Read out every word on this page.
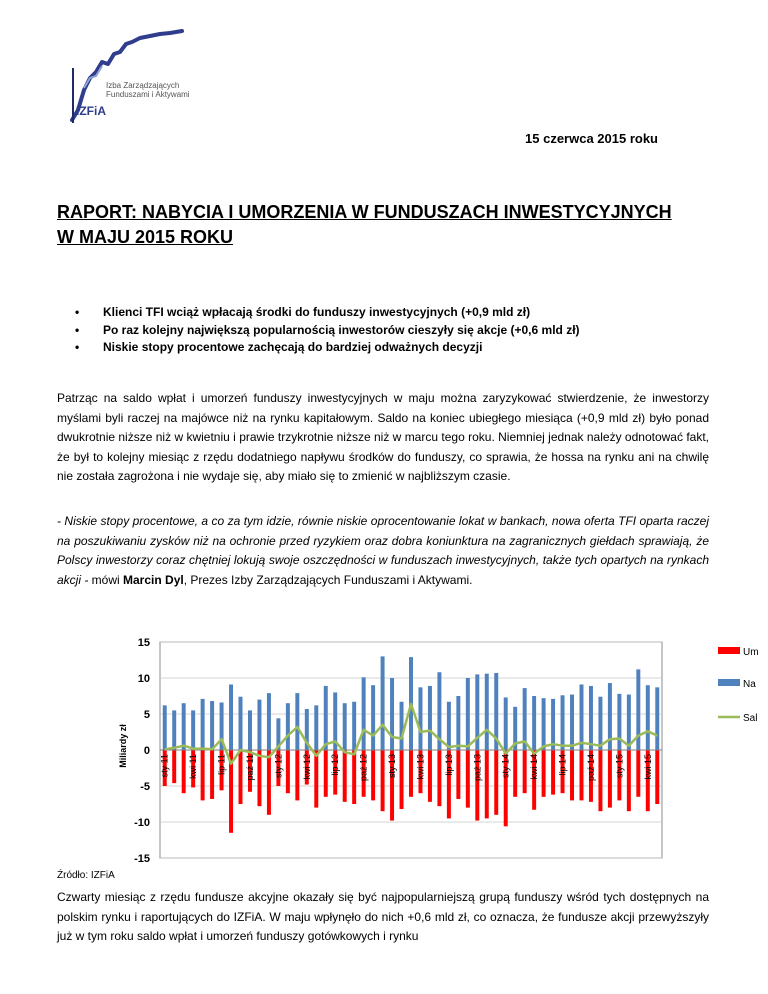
Izba Zarządzających
Funduszami i Aktywami
IZFiA
15 czerwca 2015 roku
RAPORT: NABYCIA I UMORZENIA W FUNDUSZACH INWESTYCYJNYCH
W MAJU 2015 ROKU
• Klienci TFI wciąż wpłacają środki do funduszy inwestycyjnych (+0,9 mld zł)
• Po raz kolejny największą popularnością inwestorów cieszyły się akcje (+0,6 mld zł)
• Niskie stopy procentowe zachęcają do bardziej odważnych decyzji

Patrząc na saldo wpłat i umorzeń funduszy inwestycyjnych w maju można zaryzykować stwierdzenie, że inwestorzy myślami byli raczej na majówce niż na rynku kapitałowym. Saldo na koniec ubiegłego miesiąca (+0,9 mld zł) było ponad dwukrotnie niższe niż w kwietniu i prawie trzykrotnie niższe niż w marcu tego roku. Niemniej jednak należy odnotować fakt, że był to kolejny miesiąc z rzędu dodatniego napływu środków do funduszy, co sprawia, że hossa na rynku ani na chwilę nie została zagrożona i nie wydaje się, aby miało się to zmienić w najbliższym czasie.

- Niskie stopy procentowe, a co za tym idzie, równie niskie oprocentowanie lokat w bankach, nowa oferta TFI oparta raczej na poszukiwaniu zysków niż na ochronie przed ryzykiem oraz dobra koniunktura na zagranicznych giełdach sprawiają, że Polscy inwestorzy coraz chętniej lokują swoje oszczędności w funduszach inwestycyjnych, także tych opartych na rynkach akcji - mówi Marcin Dyl, Prezes Izby Zarządzających Funduszami i Aktywami.

15
10
5
0
-5
-10
-15
Miliardy zł	sty 11 kwi 11 lip 11 paź 11 sty 12 kwi 12 lip 12 paź 12 sty 13 kwi 13 lip 13 paź 13 sty 14 kwi 14 lip 14 paź 14 sty 15 kwi 15
Um
Na
Sal
Źródło: IZFiA

Czwarty miesiąc z rzędu fundusze akcyjne okazały się być najpopularniejszą grupą funduszy wśród tych dostępnych na polskim rynku i raportujących do IZFiA. W maju wpłynęło do nich +0,6 mld zł, co oznacza, że fundusze akcji przewyższyły już w tym roku saldo wpłat i umorzeń funduszy gotówkowych i rynku
